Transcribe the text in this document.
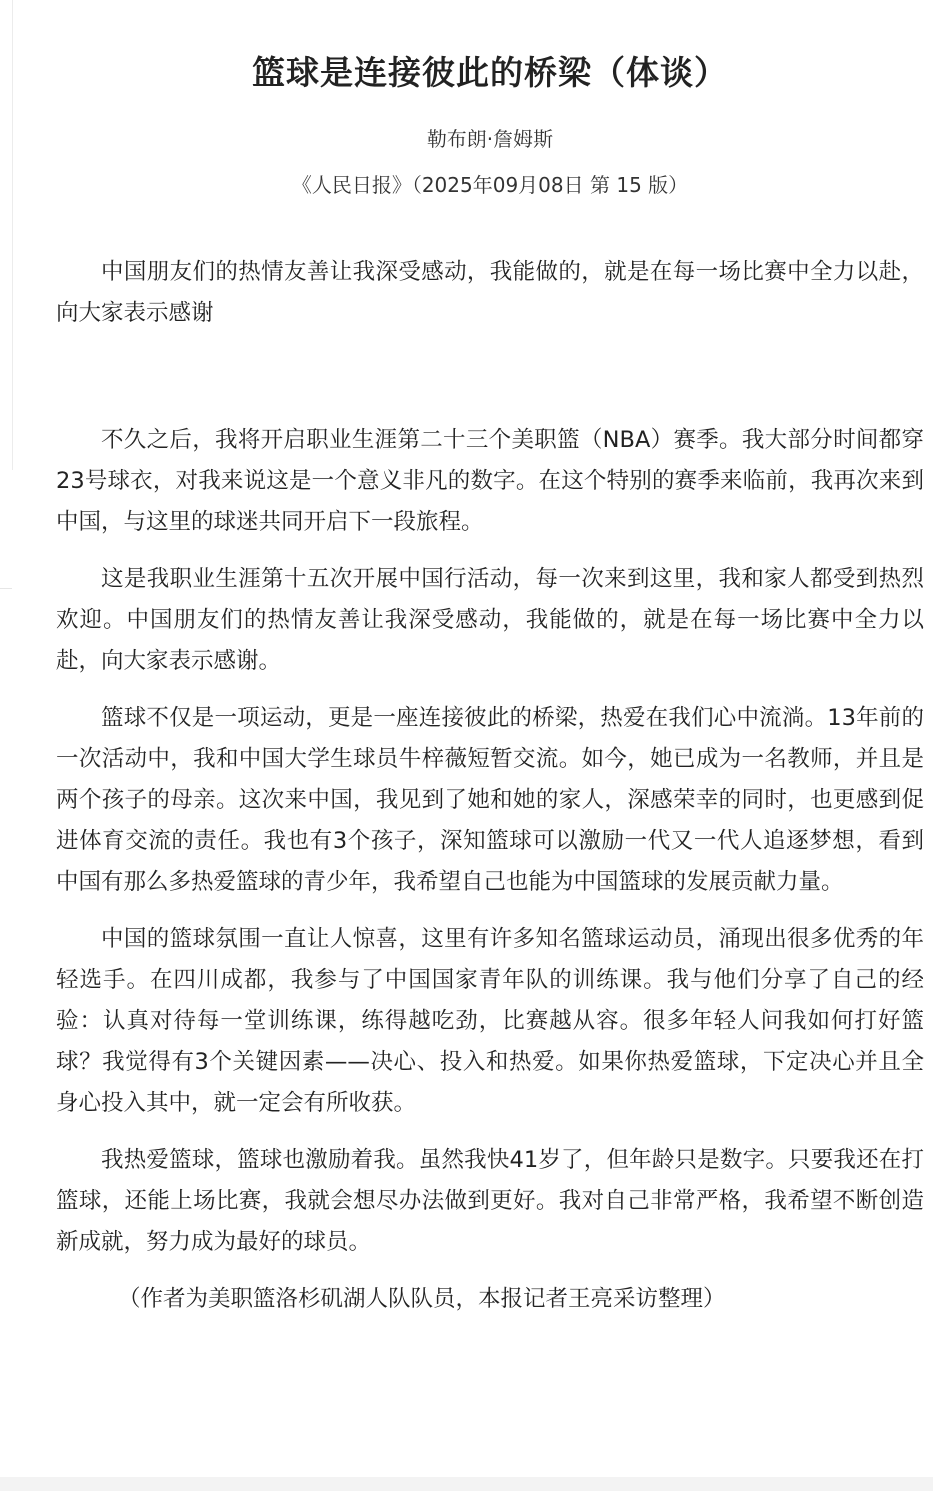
篮球是连接彼此的桥梁（体谈）
勒布朗·詹姆斯
《人民日报》（2025年09月08日 第 15 版）

中国朋友们的热情友善让我深受感动，我能做的，就是在每一场比赛中全力以赴，向大家表示感谢

不久之后，我将开启职业生涯第二十三个美职篮（NBA）赛季。我大部分时间都穿23号球衣，对我来说这是一个意义非凡的数字。在这个特别的赛季来临前，我再次来到中国，与这里的球迷共同开启下一段旅程。

这是我职业生涯第十五次开展中国行活动，每一次来到这里，我和家人都受到热烈欢迎。中国朋友们的热情友善让我深受感动，我能做的，就是在每一场比赛中全力以赴，向大家表示感谢。

篮球不仅是一项运动，更是一座连接彼此的桥梁，热爱在我们心中流淌。13年前的一次活动中，我和中国大学生球员牛梓薇短暂交流。如今，她已成为一名教师，并且是两个孩子的母亲。这次来中国，我见到了她和她的家人，深感荣幸的同时，也更感到促进体育交流的责任。我也有3个孩子，深知篮球可以激励一代又一代人追逐梦想，看到中国有那么多热爱篮球的青少年，我希望自己也能为中国篮球的发展贡献力量。

中国的篮球氛围一直让人惊喜，这里有许多知名篮球运动员，涌现出很多优秀的年轻选手。在四川成都，我参与了中国国家青年队的训练课。我与他们分享了自己的经验：认真对待每一堂训练课，练得越吃劲，比赛越从容。很多年轻人问我如何打好篮球？我觉得有3个关键因素——决心、投入和热爱。如果你热爱篮球，下定决心并且全身心投入其中，就一定会有所收获。

我热爱篮球，篮球也激励着我。虽然我快41岁了，但年龄只是数字。只要我还在打篮球，还能上场比赛，我就会想尽办法做到更好。我对自己非常严格，我希望不断创造新成就，努力成为最好的球员。

（作者为美职篮洛杉矶湖人队队员，本报记者王亮采访整理）
